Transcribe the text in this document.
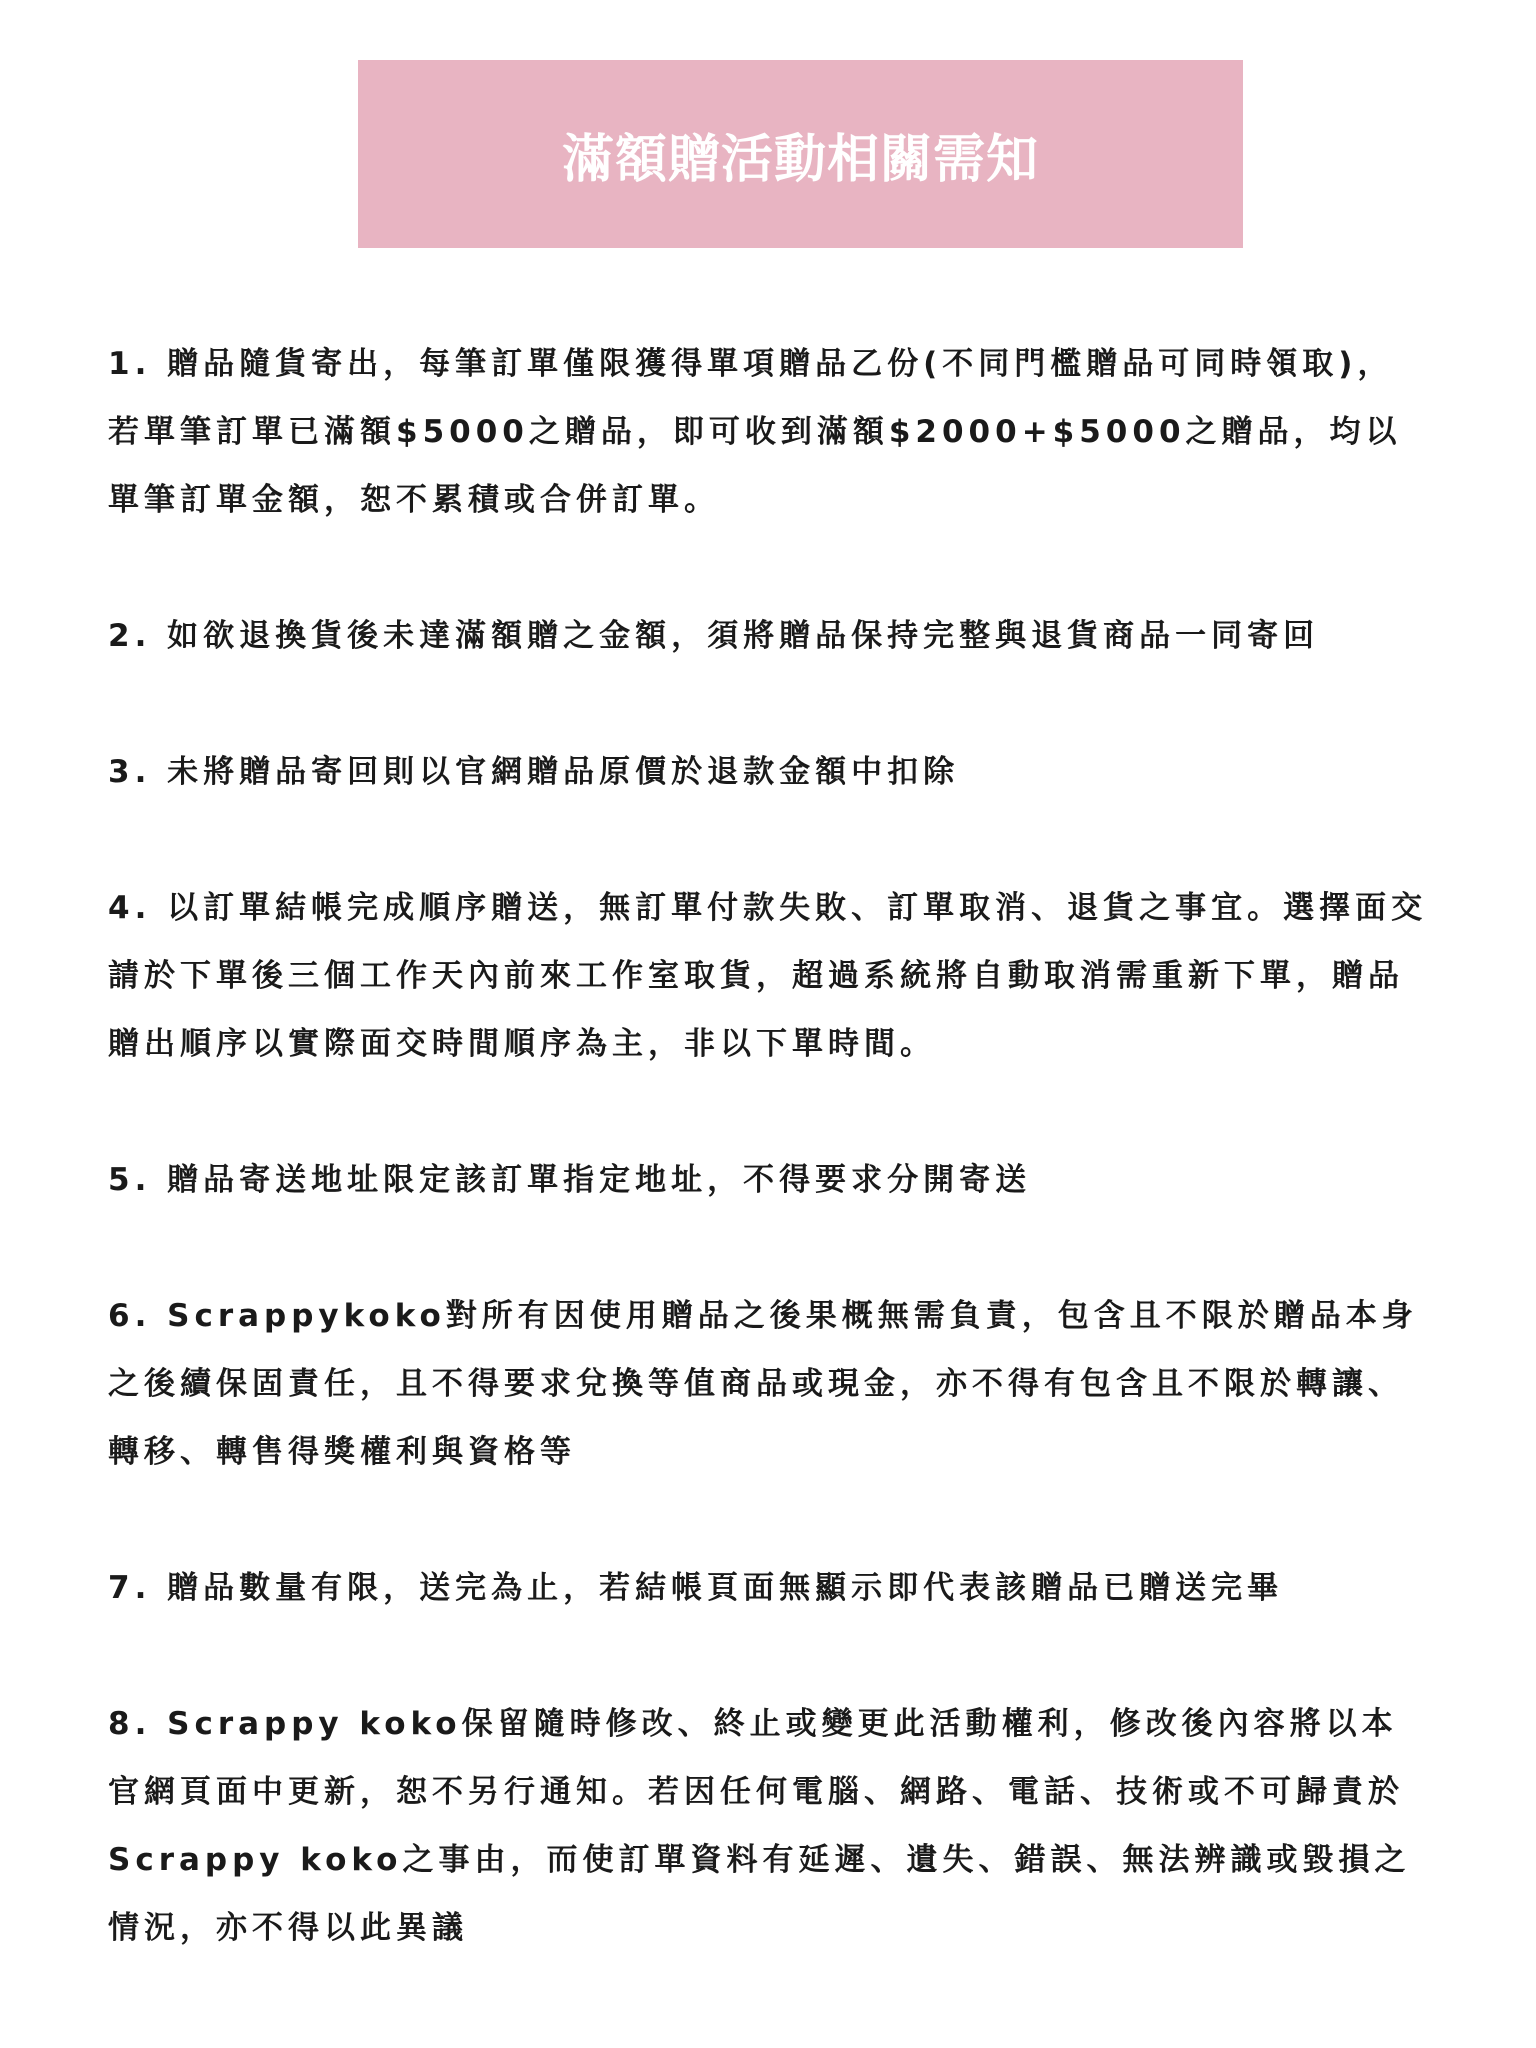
滿額贈活動相關需知

1. 贈品隨貨寄出，每筆訂單僅限獲得單項贈品乙份(不同門檻贈品可同時領取)，若單筆訂單已滿額$5000之贈品，即可收到滿額$2000+$5000之贈品，均以單筆訂單金額，恕不累積或合併訂單。

2. 如欲退換貨後未達滿額贈之金額，須將贈品保持完整與退貨商品一同寄回

3. 未將贈品寄回則以官網贈品原價於退款金額中扣除

4. 以訂單結帳完成順序贈送，無訂單付款失敗、訂單取消、退貨之事宜。選擇面交請於下單後三個工作天內前來工作室取貨，超過系統將自動取消需重新下單，贈品贈出順序以實際面交時間順序為主，非以下單時間。

5. 贈品寄送地址限定該訂單指定地址，不得要求分開寄送

6. Scrappykoko對所有因使用贈品之後果概無需負責，包含且不限於贈品本身之後續保固責任，且不得要求兌換等值商品或現金，亦不得有包含且不限於轉讓、轉移、轉售得獎權利與資格等

7. 贈品數量有限，送完為止，若結帳頁面無顯示即代表該贈品已贈送完畢

8. Scrappy koko保留隨時修改、終止或變更此活動權利，修改後內容將以本官網頁面中更新，恕不另行通知。若因任何電腦、網路、電話、技術或不可歸責於Scrappy koko之事由，而使訂單資料有延遲、遺失、錯誤、無法辨識或毀損之情況，亦不得以此異議
